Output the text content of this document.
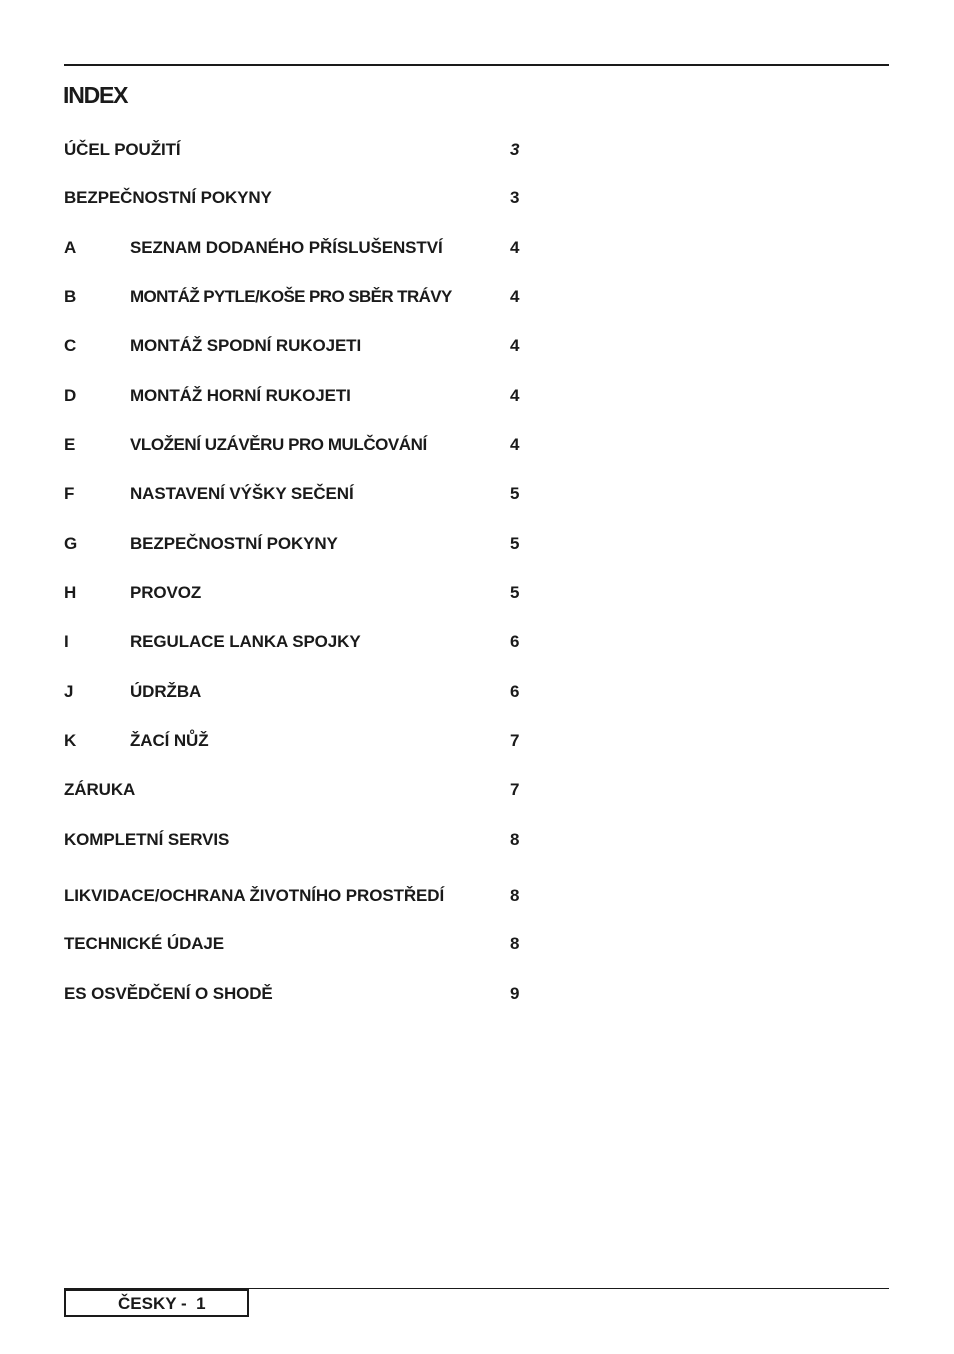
INDEX
ÚČEL POUŽITÍ	3
BEZPEČNOSTNÍ POKYNY	3
A	SEZNAM DODANÉHO PŘÍSLUŠENSTVÍ	4
B	MONTÁŽ PYTLE/KOŠE PRO SBĚR TRÁVY	4
C	MONTÁŽ SPODNÍ RUKOJETI	4
D	MONTÁŽ HORNÍ RUKOJETI	4
E	VLOŽENÍ UZÁVĚRU PRO MULČOVÁNÍ	4
F	NASTAVENÍ VÝŠKY SEČENÍ	5
G	BEZPEČNOSTNÍ POKYNY	5
H	PROVOZ	5
I	REGULACE LANKA SPOJKY	6
J	ÚDRŽBA	6
K	ŽACÍ NŮŽ	7
ZÁRUKA	7
KOMPLETNÍ SERVIS	8
LIKVIDACE/OCHRANA ŽIVOTNÍHO PROSTŘEDÍ	8
TECHNICKÉ ÚDAJE	8
ES OSVĚDČENÍ O SHODĚ	9
ČESKY -  1
